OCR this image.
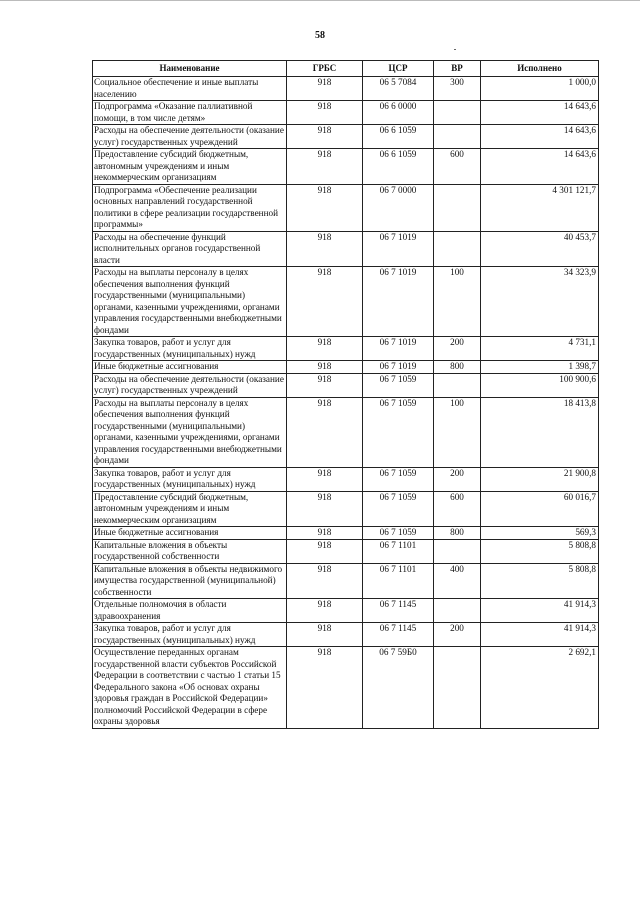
58
Наименование	ГРБС	ЦСР	ВР	Исполнено
Социальное обеспечение и иные выплаты населению	918	06 5 7084	300	1 000,0
Подпрограмма «Оказание паллиативной помощи, в том числе детям»	918	06 6 0000		14 643,6
Расходы на обеспечение деятельности (оказание услуг) государственных учреждений	918	06 6 1059		14 643,6
Предоставление субсидий бюджетным, автономным учреждениям и иным некоммерческим организациям	918	06 6 1059	600	14 643,6
Подпрограмма «Обеспечение реализации основных направлений государственной политики в сфере реализации государственной программы»	918	06 7 0000		4 301 121,7
Расходы на обеспечение функций исполнительных органов государственной власти	918	06 7 1019		40 453,7
Расходы на выплаты персоналу в целях обеспечения выполнения функций государственными (муниципальными) органами, казенными учреждениями, органами управления государственными внебюджетными фондами	918	06 7 1019	100	34 323,9
Закупка товаров, работ и услуг для государственных (муниципальных) нужд	918	06 7 1019	200	4 731,1
Иные бюджетные ассигнования	918	06 7 1019	800	1 398,7
Расходы на обеспечение деятельности (оказание услуг) государственных учреждений	918	06 7 1059		100 900,6
Расходы на выплаты персоналу в целях обеспечения выполнения функций государственными (муниципальными) органами, казенными учреждениями, органами управления государственными внебюджетными фондами	918	06 7 1059	100	18 413,8
Закупка товаров, работ и услуг для государственных (муниципальных) нужд	918	06 7 1059	200	21 900,8
Предоставление субсидий бюджетным, автономным учреждениям и иным некоммерческим организациям	918	06 7 1059	600	60 016,7
Иные бюджетные ассигнования	918	06 7 1059	800	569,3
Капитальные вложения в объекты государственной собственности	918	06 7 1101		5 808,8
Капитальные вложения в объекты недвижимого имущества государственной (муниципальной) собственности	918	06 7 1101	400	5 808,8
Отдельные полномочия в области здравоохранения	918	06 7 1145		41 914,3
Закупка товаров, работ и услуг для государственных (муниципальных) нужд	918	06 7 1145	200	41 914,3
Осуществление переданных органам государственной власти субъектов Российской Федерации в соответствии с частью 1 статьи 15 Федерального закона «Об основах охраны здоровья граждан в Российской Федерации» полномочий Российской Федерации в сфере охраны здоровья	918	06 7 59Б0		2 692,1
